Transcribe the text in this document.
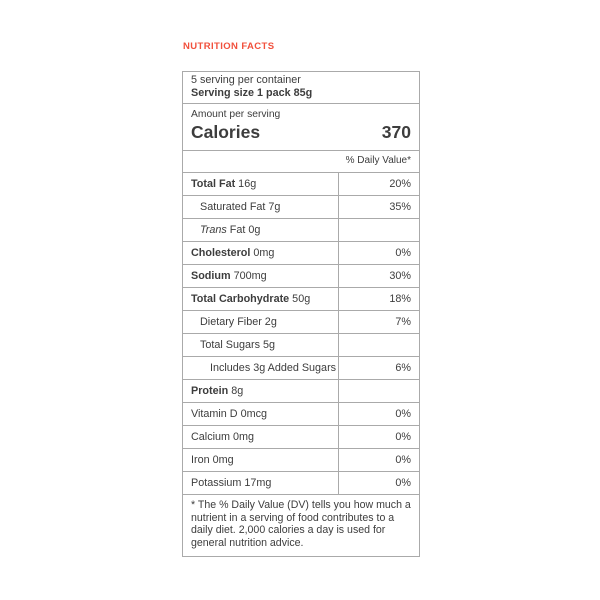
NUTRITION FACTS
5 serving per container
Serving size 1 pack 85g
Amount per serving
Calories	370
% Daily Value*
Total Fat 16g	20%
Saturated Fat 7g	35%
Trans Fat 0g
Cholesterol 0mg	0%
Sodium 700mg	30%
Total Carbohydrate 50g	18%
Dietary Fiber 2g	7%
Total Sugars 5g
Includes 3g Added Sugars	6%
Protein 8g
Vitamin D 0mcg	0%
Calcium 0mg	0%
Iron 0mg	0%
Potassium 17mg	0%
* The % Daily Value (DV) tells you how much a nutrient in a serving of food contributes to a daily diet. 2,000 calories a day is used for general nutrition advice.
